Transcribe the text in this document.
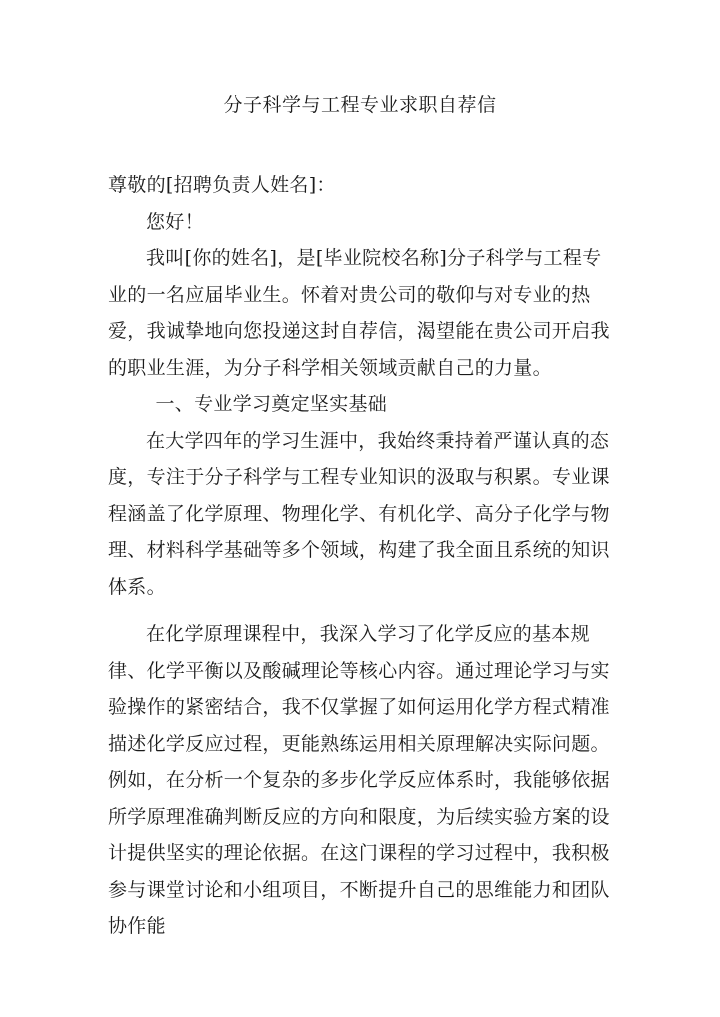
分子科学与工程专业求职自荐信

尊敬的[招聘负责人姓名]：

您好！

我叫[你的姓名]，是[毕业院校名称]分子科学与工程专业的一名应届毕业生。怀着对贵公司的敬仰与对专业的热爱，我诚挚地向您投递这封自荐信，渴望能在贵公司开启我的职业生涯，为分子科学相关领域贡献自己的力量。

一、专业学习奠定坚实基础

在大学四年的学习生涯中，我始终秉持着严谨认真的态度，专注于分子科学与工程专业知识的汲取与积累。专业课程涵盖了化学原理、物理化学、有机化学、高分子化学与物理、材料科学基础等多个领域，构建了我全面且系统的知识体系。

在化学原理课程中，我深入学习了化学反应的基本规律、化学平衡以及酸碱理论等核心内容。通过理论学习与实验操作的紧密结合，我不仅掌握了如何运用化学方程式精准描述化学反应过程，更能熟练运用相关原理解决实际问题。例如，在分析一个复杂的多步化学反应体系时，我能够依据所学原理准确判断反应的方向和限度，为后续实验方案的设计提供坚实的理论依据。在这门课程的学习过程中，我积极参与课堂讨论和小组项目，不断提升自己的思维能力和团队协作能
